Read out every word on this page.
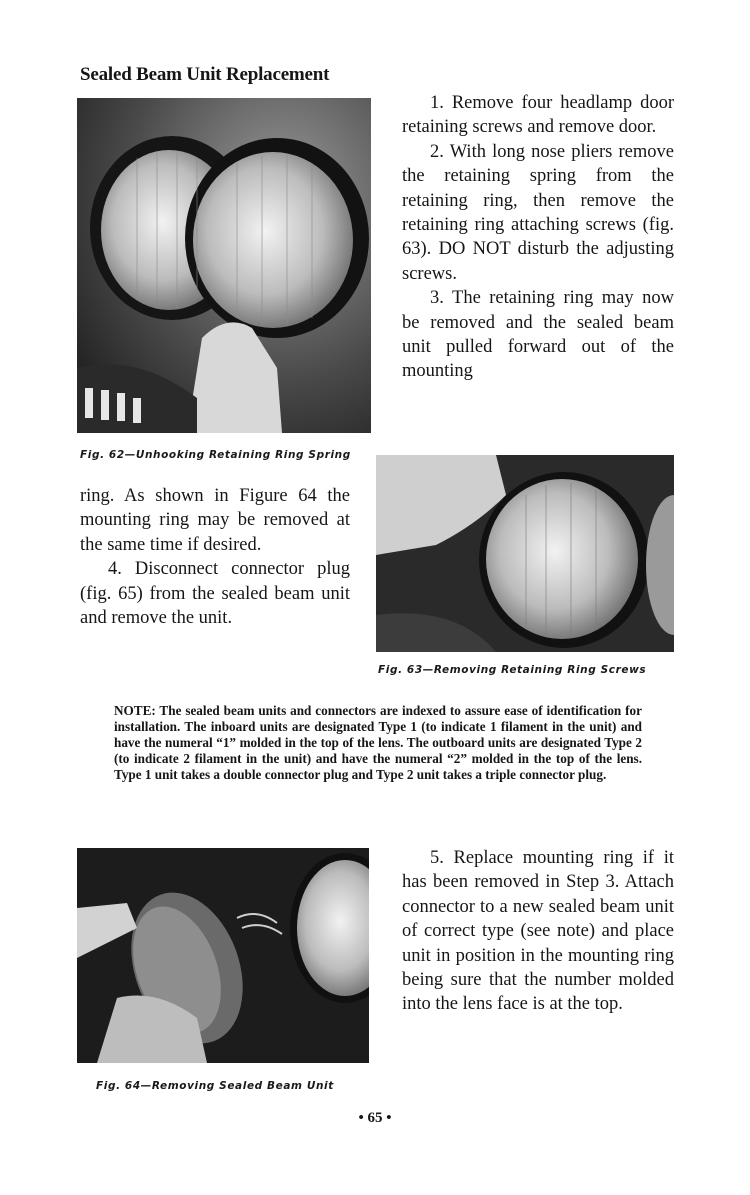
Sealed Beam Unit Replacement
Fig. 62—Unhooking Retaining Ring Spring

1. Remove four headlamp door retaining screws and remove door.

2. With long nose pliers remove the retaining spring from the retaining ring, then remove the retaining ring attaching screws (fig. 63). DO NOT disturb the adjusting screws.

3. The retaining ring may now be removed and the sealed beam unit pulled forward out of the mounting

ring. As shown in Figure 64 the mounting ring may be removed at the same time if desired.

4. Disconnect connector plug (fig. 65) from the sealed beam unit and remove the unit.

Fig. 63—Removing Retaining Ring Screws
NOTE: The sealed beam units and connectors are indexed to assure ease of identification for installation. The inboard units are designated Type 1 (to indicate 1 filament in the unit) and have the numeral “1” molded in the top of the lens. The outboard units are designated Type 2 (to indicate 2 filament in the unit) and have the numeral “2” molded in the top of the lens. Type 1 unit takes a double connector plug and Type 2 unit takes a triple connector plug.
Fig. 64—Removing Sealed Beam Unit

5. Replace mounting ring if it has been removed in Step 3. Attach connector to a new sealed beam unit of correct type (see note) and place unit in position in the mounting ring being sure that the number molded into the lens face is at the top.

• 65 •
